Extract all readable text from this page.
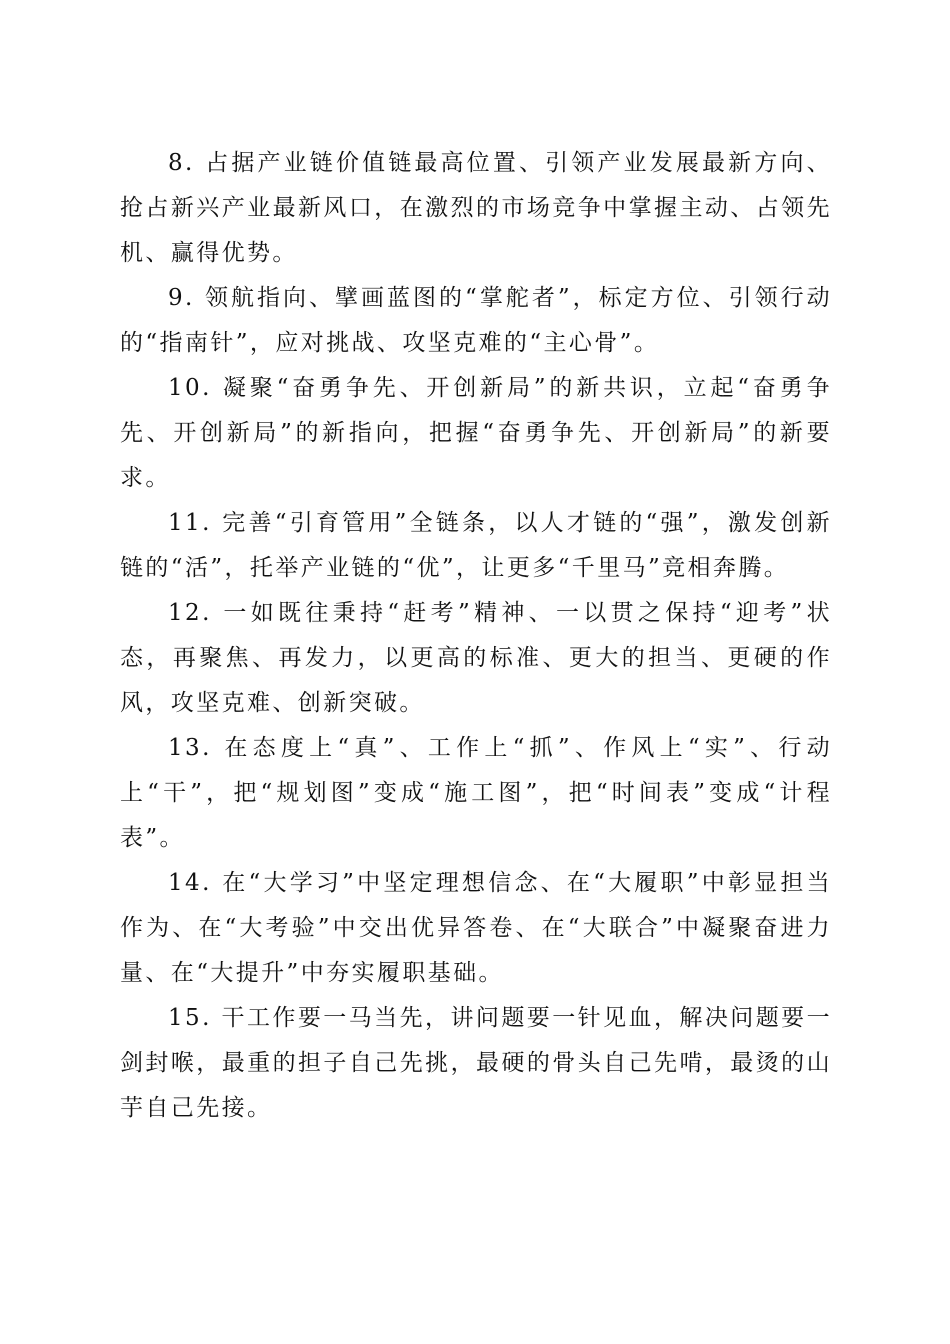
8. 占据产业链价值链最高位置、引领产业发展最新方向、抢占新兴产业最新风口，在激烈的市场竞争中掌握主动、占领先机、赢得优势。

9. 领航指向、擘画蓝图的“掌舵者”，标定方位、引领行动的“指南针”，应对挑战、攻坚克难的“主心骨”。

10. 凝聚“奋勇争先、开创新局”的新共识，立起“奋勇争先、开创新局”的新指向，把握“奋勇争先、开创新局”的新要求。

11. 完善“引育管用”全链条，以人才链的“强”，激发创新链的“活”，托举产业链的“优”，让更多“千里马”竞相奔腾。

12. 一如既往秉持“赶考”精神、一以贯之保持“迎考”状态，再聚焦、再发力，以更高的标准、更大的担当、更硬的作风，攻坚克难、创新突破。

13. 在态度上“真”、工作上“抓”、作风上“实”、行动上“干”，把“规划图”变成“施工图”，把“时间表”变成“计程表”。

14. 在“大学习”中坚定理想信念、在“大履职”中彰显担当作为、在“大考验”中交出优异答卷、在“大联合”中凝聚奋进力量、在“大提升”中夯实履职基础。

15. 干工作要一马当先，讲问题要一针见血，解决问题要一剑封喉，最重的担子自己先挑，最硬的骨头自己先啃，最烫的山芋自己先接。
